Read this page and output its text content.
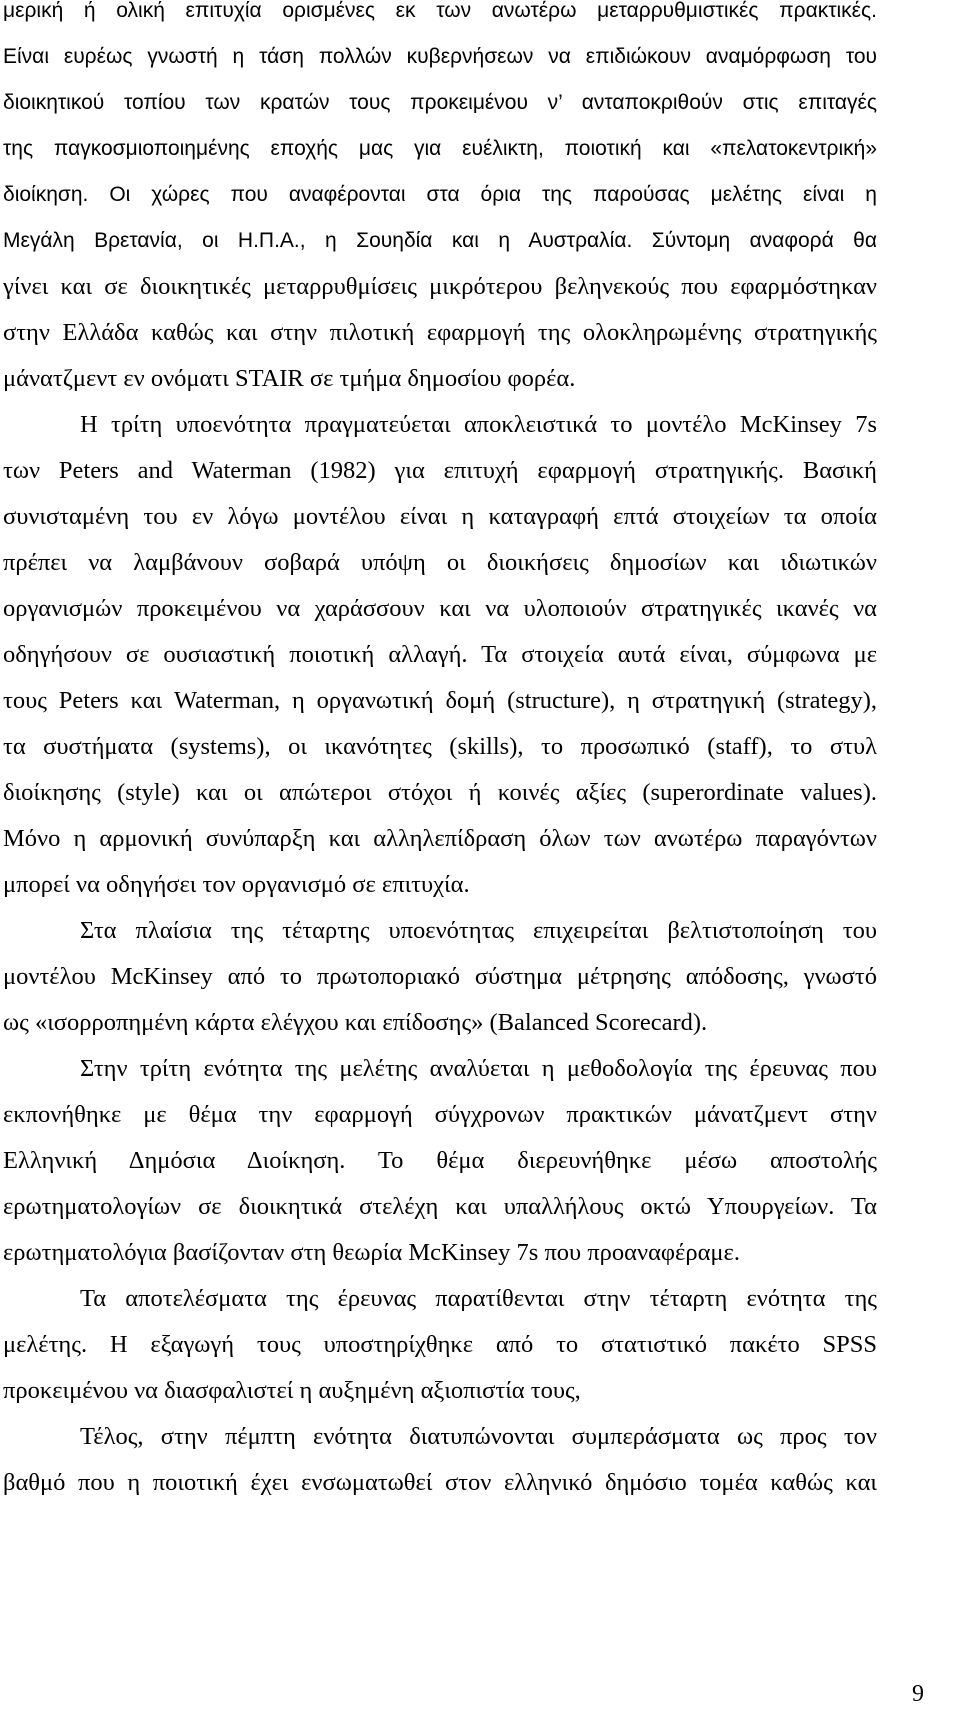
μερική ή ολική επιτυχία ορισμένες εκ των ανωτέρω μεταρρυθμιστικές πρακτικές.
Είναι ευρέως γνωστή η τάση πολλών κυβερνήσεων να επιδιώκουν αναμόρφωση του
διοικητικού τοπίου των κρατών τους προκειμένου ν’ ανταποκριθούν στις επιταγές
της παγκοσμιοποιημένης εποχής μας για ευέλικτη, ποιοτική και «πελατοκεντρική»
διοίκηση. Οι χώρες που αναφέρονται στα όρια της παρούσας μελέτης είναι η
Μεγάλη Βρετανία, οι Η.Π.Α., η Σουηδία και η Αυστραλία. Σύντομη αναφορά θα
γίνει και σε διοικητικές μεταρρυθμίσεις μικρότερου βεληνεκούς που εφαρμόστηκαν
στην Ελλάδα καθώς και στην πιλοτική εφαρμογή της ολοκληρωμένης στρατηγικής
μάνατζμεντ εν ονόματι STAIR σε τμήμα δημοσίου φορέα.
Η τρίτη υποενότητα πραγματεύεται αποκλειστικά το μοντέλο McKinsey 7s
των Peters and Waterman (1982) για επιτυχή εφαρμογή στρατηγικής. Βασική
συνισταμένη του εν λόγω μοντέλου είναι η καταγραφή επτά στοιχείων τα οποία
πρέπει να λαμβάνουν σοβαρά υπόψη οι διοικήσεις δημοσίων και ιδιωτικών
οργανισμών προκειμένου να χαράσσουν και να υλοποιούν στρατηγικές ικανές να
οδηγήσουν σε ουσιαστική ποιοτική αλλαγή. Τα στοιχεία αυτά είναι, σύμφωνα με
τους Peters και Waterman, η οργανωτική δομή (structure), η στρατηγική (strategy),
τα συστήματα (systems), οι ικανότητες (skills), το προσωπικό (staff), το στυλ
διοίκησης (style) και οι απώτεροι στόχοι ή κοινές αξίες (superordinate values).
Μόνο η αρμονική συνύπαρξη και αλληλεπίδραση όλων των ανωτέρω παραγόντων
μπορεί να οδηγήσει τον οργανισμό σε επιτυχία.
Στα πλαίσια της τέταρτης υποενότητας επιχειρείται βελτιστοποίηση του
μοντέλου McKinsey από το πρωτοποριακό σύστημα μέτρησης απόδοσης, γνωστό
ως «ισορροπημένη κάρτα ελέγχου και επίδοσης» (Balanced Scorecard).
Στην τρίτη ενότητα της μελέτης αναλύεται η μεθοδολογία της έρευνας που
εκπονήθηκε με θέμα την εφαρμογή σύγχρονων πρακτικών μάνατζμεντ στην
Ελληνική Δημόσια Διοίκηση. Το θέμα διερευνήθηκε μέσω αποστολής
ερωτηματολογίων σε διοικητικά στελέχη και υπαλλήλους οκτώ Υπουργείων. Τα
ερωτηματολόγια βασίζονταν στη θεωρία McKinsey 7s που προαναφέραμε.
Τα αποτελέσματα της έρευνας παρατίθενται στην τέταρτη ενότητα της
μελέτης. Η εξαγωγή τους υποστηρίχθηκε από το στατιστικό πακέτο SPSS
προκειμένου να διασφαλιστεί η αυξημένη αξιοπιστία τους,
Τέλος, στην πέμπτη ενότητα διατυπώνονται συμπεράσματα ως προς τον
βαθμό που η ποιοτική έχει ενσωματωθεί στον ελληνικό δημόσιο τομέα καθώς και
9
